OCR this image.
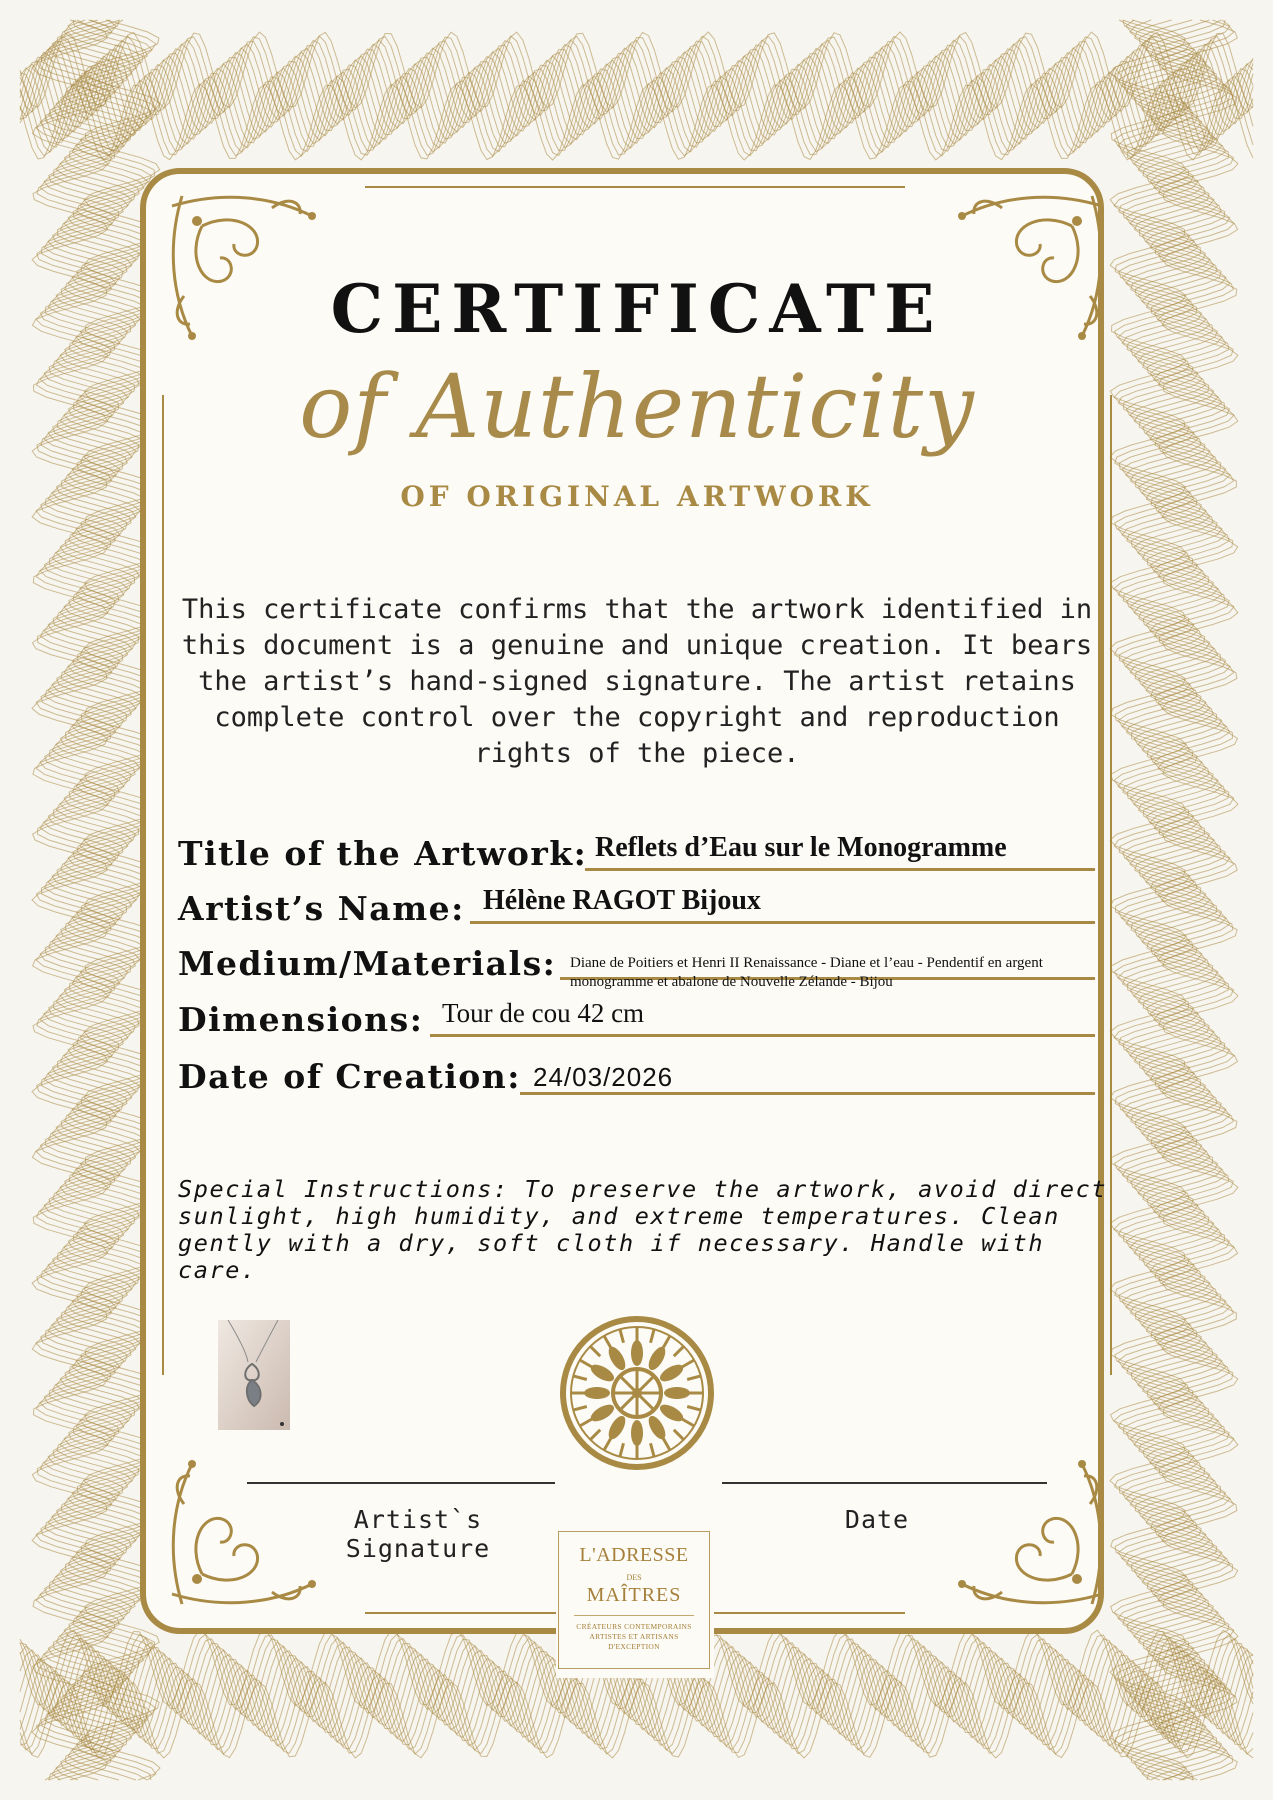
CERTIFICATE
of Authenticity
OF ORIGINAL ARTWORK

This certificate confirms that the artwork identified in this document is a genuine and unique creation. It bears the artist’s hand-signed signature. The artist retains complete control over the copyright and reproduction rights of the piece.

Title of the Artwork: Reflets d’Eau sur le Monogramme
Artist’s Name: Hélène RAGOT Bijoux
Medium/Materials: Diane de Poitiers et Henri II Renaissance - Diane et l’eau - Pendentif en argent monogramme et abalone de Nouvelle Zélande - Bijou
Dimensions: Tour de cou 42 cm
Date of Creation: 24/03/2026

Special Instructions: To preserve the artwork, avoid direct sunlight, high humidity, and extreme temperatures. Clean gently with a dry, soft cloth if necessary. Handle with care.

Artist`s Signature
Date
L'ADRESSE
DES
MAÎTRES
CRÉATEURS CONTEMPORAINS
ARTISTES ET ARTISANS
D'EXCEPTION
